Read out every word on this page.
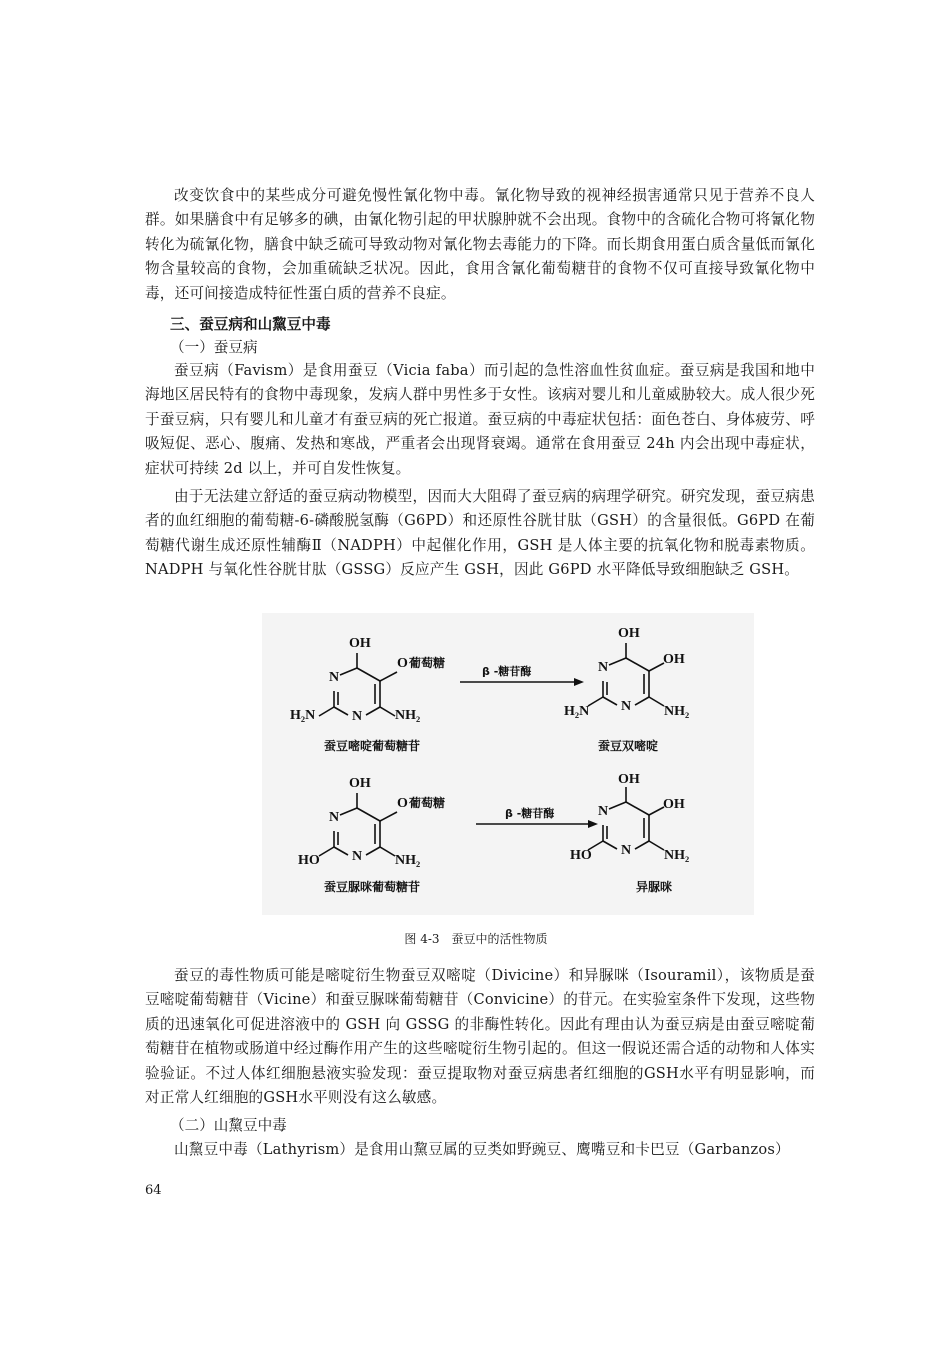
改变饮食中的某些成分可避免慢性氰化物中毒。氰化物导致的视神经损害通常只见于营养不良人群。如果膳食中有足够多的碘，由氰化物引起的甲状腺肿就不会出现。食物中的含硫化合物可将氰化物转化为硫氰化物，膳食中缺乏硫可导致动物对氰化物去毒能力的下降。而长期食用蛋白质含量低而氰化物含量较高的食物，会加重硫缺乏状况。因此，食用含氰化葡萄糖苷的食物不仅可直接导致氰化物中毒，还可间接造成特征性蛋白质的营养不良症。
三、蚕豆病和山黧豆中毒
（一）蚕豆病
蚕豆病（Favism）是食用蚕豆（Vicia faba）而引起的急性溶血性贫血症。蚕豆病是我国和地中海地区居民特有的食物中毒现象，发病人群中男性多于女性。该病对婴儿和儿童威胁较大。成人很少死于蚕豆病，只有婴儿和儿童才有蚕豆病的死亡报道。蚕豆病的中毒症状包括：面色苍白、身体疲劳、呼吸短促、恶心、腹痛、发热和寒战，严重者会出现肾衰竭。通常在食用蚕豆 24h 内会出现中毒症状，症状可持续 2d 以上，并可自发性恢复。
由于无法建立舒适的蚕豆病动物模型，因而大大阻碍了蚕豆病的病理学研究。研究发现，蚕豆病患者的血红细胞的葡萄糖-6-磷酸脱氢酶（G6PD）和还原性谷胱甘肽（GSH）的含量很低。G6PD 在葡萄糖代谢生成还原性辅酶Ⅱ（NADPH）中起催化作用，GSH 是人体主要的抗氧化物和脱毒素物质。NADPH 与氧化性谷胱甘肽（GSSG）反应产生 GSH，因此 G6PD 水平降低导致细胞缺乏 GSH。
OH
O 葡萄糖
N
N
H₂N	NH₂
蚕豆嘧啶葡萄糖苷
β -糖苷酶
OH
OH
N
N
H₂N	NH₂
蚕豆双嘧啶
OH
O 葡萄糖
N
N
HO	NH₂
蚕豆脲咪葡萄糖苷
β -糖苷酶
OH
OH
N
N
HO	NH₂
异脲咪
图 4-3　蚕豆中的活性物质
蚕豆的毒性物质可能是嘧啶衍生物蚕豆双嘧啶（Divicine）和异脲咪（Isouramil），该物质是蚕豆嘧啶葡萄糖苷（Vicine）和蚕豆脲咪葡萄糖苷（Convicine）的苷元。在实验室条件下发现，这些物质的迅速氧化可促进溶液中的 GSH 向 GSSG 的非酶性转化。因此有理由认为蚕豆病是由蚕豆嘧啶葡萄糖苷在植物或肠道中经过酶作用产生的这些嘧啶衍生物引起的。但这一假说还需合适的动物和人体实验验证。不过人体红细胞悬液实验发现：蚕豆提取物对蚕豆病患者红细胞的GSH水平有明显影响，而对正常人红细胞的GSH水平则没有这么敏感。
（二）山黧豆中毒
山黧豆中毒（Lathyrism）是食用山黧豆属的豆类如野豌豆、鹰嘴豆和卡巴豆（Garbanzos）
64
